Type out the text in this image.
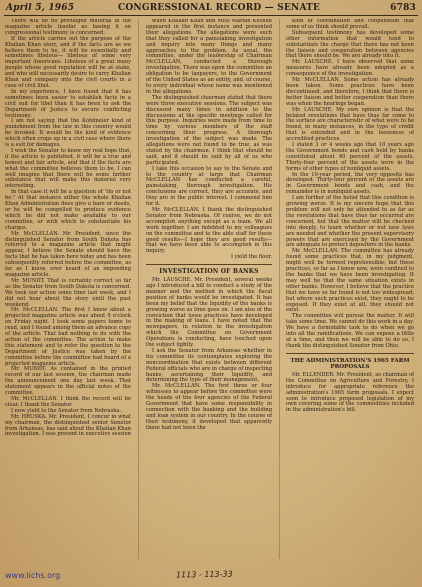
April 5, 1965	CONGRESSIONAL RECORD — SENATE	6783

There will be no privileged material in the magazine article insofar as basing it on congressional testimony is concerned.

If the article carries out the purpose of the Khalian Khan story, and if the facts are as we believe them to be, it will be essentially and sometimes libelous— libelous of some very important Americans. Libelous of a great many people whose good reputation will be at stake, and who will necessarily desire to carry Khalian Khan and company into the civil courts in a case of civil libel.

In my experience, I have found that it has sometimes been easier to establish facts in a civil suit for libel than it has been to ask the Department of Justice to secure conflicting testimony.

I am not saying that the Kohlmeier kind of punishment from the law in this country would be invoked. It would be the kind of evidence which often crops up in a civil case where there is a suit for damages.

I wish the Senator to know my real hope that, if the article is published, it will be a true and honest and fair article, and that if the facts are what the committee believes them to be, I can well imagine that there will be some further substance that will make this material very interesting.

In that case it will be a question of "do or not be." At that instance either the whole Khalian Khan Administration does give a bare or deeds, or he will be compelled to produce evidence which he did not make available to our committee, or with which to substantiate his charges.

Mr. McCLELLAN. Mr. President, since the distinguished Senator from South Dakota has referred to a magazine article that might appear, I believe the Senate should have the facts that he has taken here today and has been subsequently referred before the committee, as far as I know, ever heard of an impending magazine article.

Mr. MUNDT. That is certainly correct so far as the Senator from South Dakota is concerned. We took our action some time last week, and I did not hear about the story until the past weekend.

Mr. McCLELLAN. The first I knew about a projected magazine article was about 9 o'clock on Friday night. I took some papers home to read, and I found among them an advance copy of the article. That had nothing to do with the action of the committee. The action to make this statement and to refer the question to the Department of Justice was taken by the committee before the committee had heard of a projected magazine article.

Mr. MUNDT. As contained in the printed record of our last session, the chairman made the announcement one day last week. That statement appears in the official notes of the committee.

Mr. McCLELLAN. I think the record will be clear. I thank the Senator.

I now yield to the Senator from Nebraska.

Mr. HRUSKA. Mr. President, I concur in what my chairman, the distinguished senior Senator from Arkansas, has said about the Khalian Khan investigation. I was present in executive session

when Khalian Khan and Miss Marian Kushan appeared in the first instance and presented their allegations. The allegations were such that they called for a painstaking investigation and inquiry into many things and many approaches to the problem. As usual, the committee, under the leadership of Chairman McCLELLAN, conducted a thorough investigation. There was upon the committee an obligation to be taxpayers, to the Government of the United States as an entity, and, of course, to every individual whose name was mentioned in the allegations.

The distinguished chairman stated that there were three executive sessions. The subject was discussed many times in addition to the discussions at the specific meetings called for this purpose. Inquiries were made from time to time by various members of the staff concerning their progress. A thorough investigation of the subject was made. The allegations were not found to be true, as was stated by the chairman. I think that should be said, and it should be said by all of us who participated.

I take this occasion to say to the Senate and to the country at large that Chairman McCLELLAN has conducted a careful, painstaking, thorough investigation. His conclusions are correct, they are accurate, and they are in the public interest. I commend him for it.

Mr. McCLELLAN. I thank the distinguished Senator from Nebraska. Of course, we do not accomplish anything except as a team. We all work together. I am indebted to my colleagues on the committee and to the able staff for these good results—I hope they are good results—that we have been able to accomplish in this inquiry.

I yield the floor.

INVESTIGATION OF BANKS

Mr. LAUSCHE. Mr. President, several weeks ago I introduced a bill to conduct a study of the manner and the method in which the fiscal position of banks would be investigated. It has been my belief that the liquidity of the banks is growing worse as time goes on. I am also of the conviction that loose practices have developed in the making of loans. I have noted that the newspapers, in relation to the investigation which the Committee on Government Operations is conducting, have touched upon the subject lightly.

I ask the Senator from Arkansas whether in his committee its contemplates exploring the noncoordination that exists between different Federal officials who are in charge of inspecting banks, ascertaining their liquidity, and determining the type of their management.

Mr. McCLELLAN. The first three or four witnesses to appear before the committee were the heads of the four agencies of the Federal Government that have some responsibility in connection with the banking and the building and loan system in our country. In the course of their testimony, it developed that apparently there had not been the

kind of coordination and cooperation that some of us think should prevail.

Subsequent testimony has developed some other information that would tend to substantiate the charge that there has not been the liaison and cooperation between agencies that there should be. We are already into it.

Mr. LAUSCHE. I have observed that some measures have already been adopted as a consequence of the investigation.

Mr. McCLELLAN. Some action has already been taken. Some practices have been discontinued, and therefore, I think that there is better liaison and better cooperation than there was when the hearings began.

Mr. LAUSCHE. My own opinion is that the belated revelations that have thus far come to the surface are characteristic of what were to be found, in many instances, in the type of credit that is extended and in the looseness of accredited practices.

I stated 3 or 4 weeks ago that 10 years ago the Government bonds and cash held by banks constituted about 40 percent of the assets. Thirty-four percent of the assets were in the forms of other types of nonliquid assets.

In the 10-year period, the very opposite has developed. Thirty-four percent of the assets are in Government bonds and cash, and the remainder is in nonliquid assets.

I am further of the belief that this condition is growing worse. It is my sincere hope that this problem will not only be attended to as far as the revelations that have thus far occurred are concerned, but that the matter will be checked into deeply, to learn whether or not new laws are needed and whether the present supervisory powers that are exercised by the Government are adequate to protect depositors in the banks.

Mr. McCLELLAN. The committee has already found some practices that, in my judgment, might well be termed reprehensible; but these practices, so far as I know now, were confined to the banks that we have been investigating. It may well be that the same situation exists in other banks. However, I believe that the practice that we have so far found is not too widespread; but where such practices exist, they ought to be exposed. If they exist at all, they should not exist.

The committee will pursue the matter. It will take some time. We cannot do this work in a day. We have a formidable task to do when we go into all the ramifications. We can expose a little at a time, and then we will be able to do so. I thank the distinguished Senator from Ohio.

THE ADMINISTRATION'S 1965 FARM PROPOSALS

Mr. ELLENDER. Mr. President, as chairman of the Committee on Agriculture and Forestry, I introduce for appropriate reference the administration's 1965 farm proposals. I expect soon to introduce proposed legislation of my own covering some of the commodities included in the administration's bill.

www.iichs.org	1113 - 113-33
